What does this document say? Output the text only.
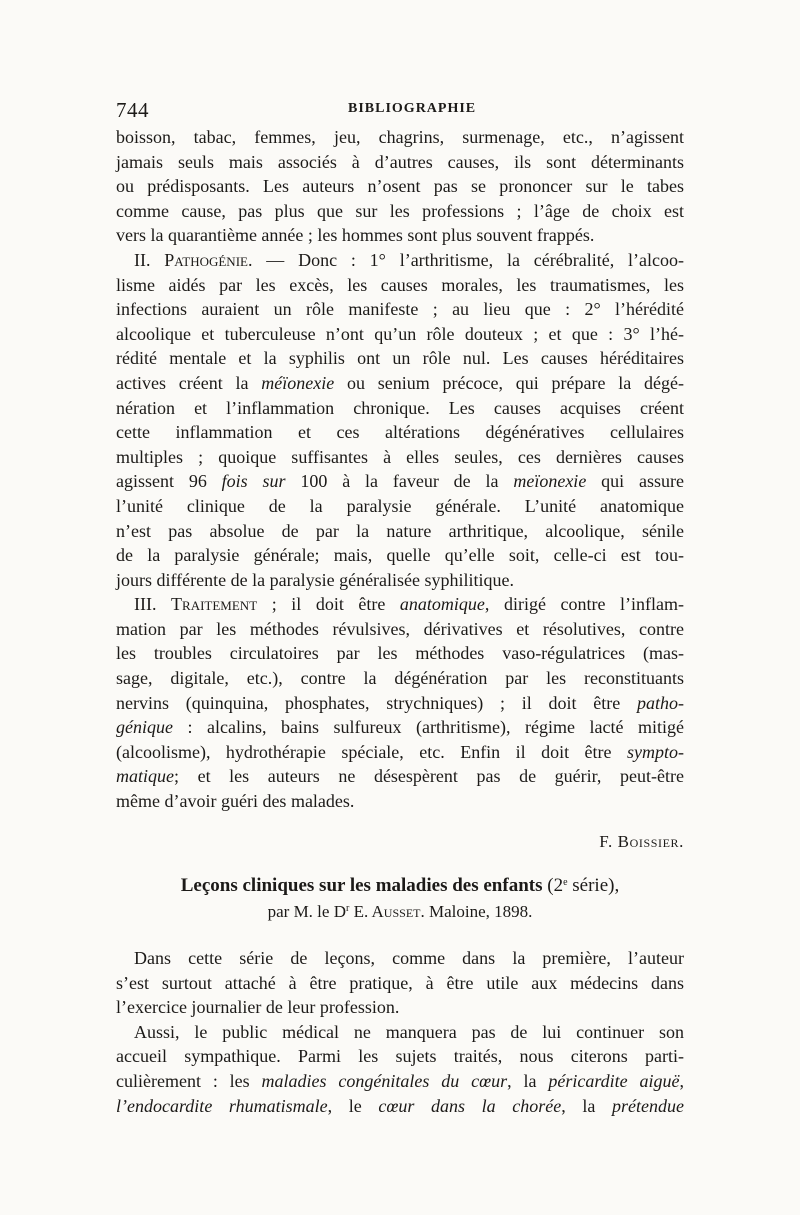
744	BIBLIOGRAPHIE
boisson, tabac, femmes, jeu, chagrins, surmenage, etc., n’agissent
jamais seuls mais associés à d’autres causes, ils sont déterminants
ou prédisposants. Les auteurs n’osent pas se prononcer sur le tabes
comme cause, pas plus que sur les professions ; l’âge de choix est
vers la quarantième année ; les hommes sont plus souvent frappés.
II. Pathogénie. — Donc : 1° l’arthritisme, la cérébralité, l’alcoo-
lisme aidés par les excès, les causes morales, les traumatismes, les
infections auraient un rôle manifeste ; au lieu que : 2° l’hérédité
alcoolique et tuberculeuse n’ont qu’un rôle douteux ; et que : 3° l’hé-
rédité mentale et la syphilis ont un rôle nul. Les causes héréditaires
actives créent la méïonexie ou senium précoce, qui prépare la dégé-
nération et l’inflammation chronique. Les causes acquises créent
cette inflammation et ces altérations dégénératives cellulaires
multiples ; quoique suffisantes à elles seules, ces dernières causes
agissent 96 fois sur 100 à la faveur de la meïonexie qui assure
l’unité clinique de la paralysie générale. L’unité anatomique
n’est pas absolue de par la nature arthritique, alcoolique, sénile
de la paralysie générale; mais, quelle qu’elle soit, celle-ci est tou-
jours différente de la paralysie généralisée syphilitique.
III. Traitement ; il doit être anatomique, dirigé contre l’inflam-
mation par les méthodes révulsives, dérivatives et résolutives, contre
les troubles circulatoires par les méthodes vaso-régulatrices (mas-
sage, digitale, etc.), contre la dégénération par les reconstituants
nervins (quinquina, phosphates, strychniques) ; il doit être patho-
génique : alcalins, bains sulfureux (arthritisme), régime lacté mitigé
(alcoolisme), hydrothérapie spéciale, etc. Enfin il doit être sympto-
matique; et les auteurs ne désespèrent pas de guérir, peut-être
même d’avoir guéri des malades.
F. Boissier.
Leçons cliniques sur les maladies des enfants (2e série),
par M. le $D^r$ E. Ausset. Maloine, 1898.
Dans cette série de leçons, comme dans la première, l’auteur
s’est surtout attaché à être pratique, à être utile aux médecins dans
l’exercice journalier de leur profession.
Aussi, le public médical ne manquera pas de lui continuer son
accueil sympathique. Parmi les sujets traités, nous citerons parti-
culièrement : les maladies congénitales du cœur, la péricardite aiguë,
l’endocardite rhumatismale, le cœur dans la chorée, la prétendue
